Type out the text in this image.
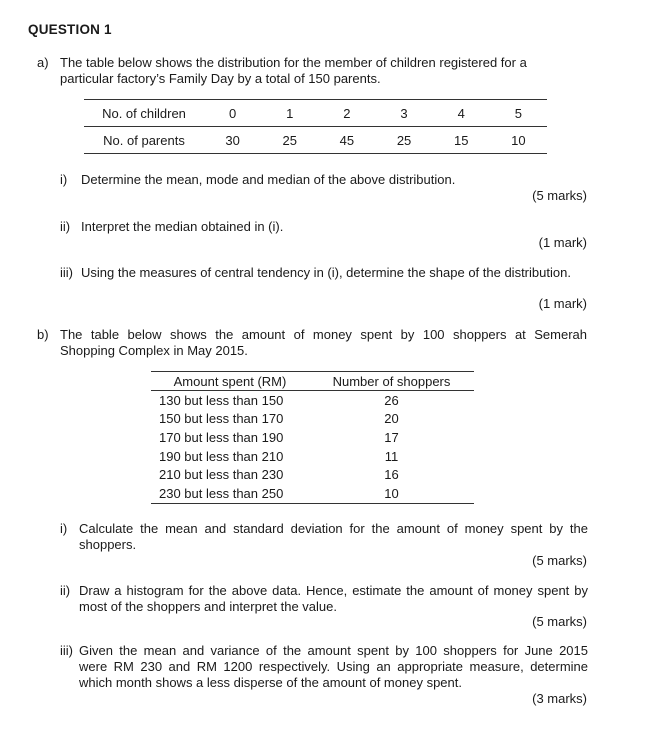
QUESTION 1
a) The table below shows the distribution for the member of children registered for a
particular factory’s Family Day by a total of 150 parents.
No. of children	0	1	2	3	4	5
No. of parents	30	25	45	25	15	10
i) Determine the mean, mode and median of the above distribution.
(5 marks)
ii) Interpret the median obtained in (i).
(1 mark)
iii) Using the measures of central tendency in (i), determine the shape of the distribution.
(1 mark)
b) The table below shows the amount of money spent by 100 shoppers at Semerah
Shopping Complex in May 2015.
Amount spent (RM)	Number of shoppers
130 but less than 150	26
150 but less than 170	20
170 but less than 190	17
190 but less than 210	11
210 but less than 230	16
230 but less than 250	10
i) Calculate the mean and standard deviation for the amount of money spent by the
shoppers.
(5 marks)
ii) Draw a histogram for the above data. Hence, estimate the amount of money spent by
most of the shoppers and interpret the value.
(5 marks)
iii) Given the mean and variance of the amount spent by 100 shoppers for June 2015
were RM 230 and RM 1200 respectively. Using an appropriate measure, determine
which month shows a less disperse of the amount of money spent.
(3 marks)
